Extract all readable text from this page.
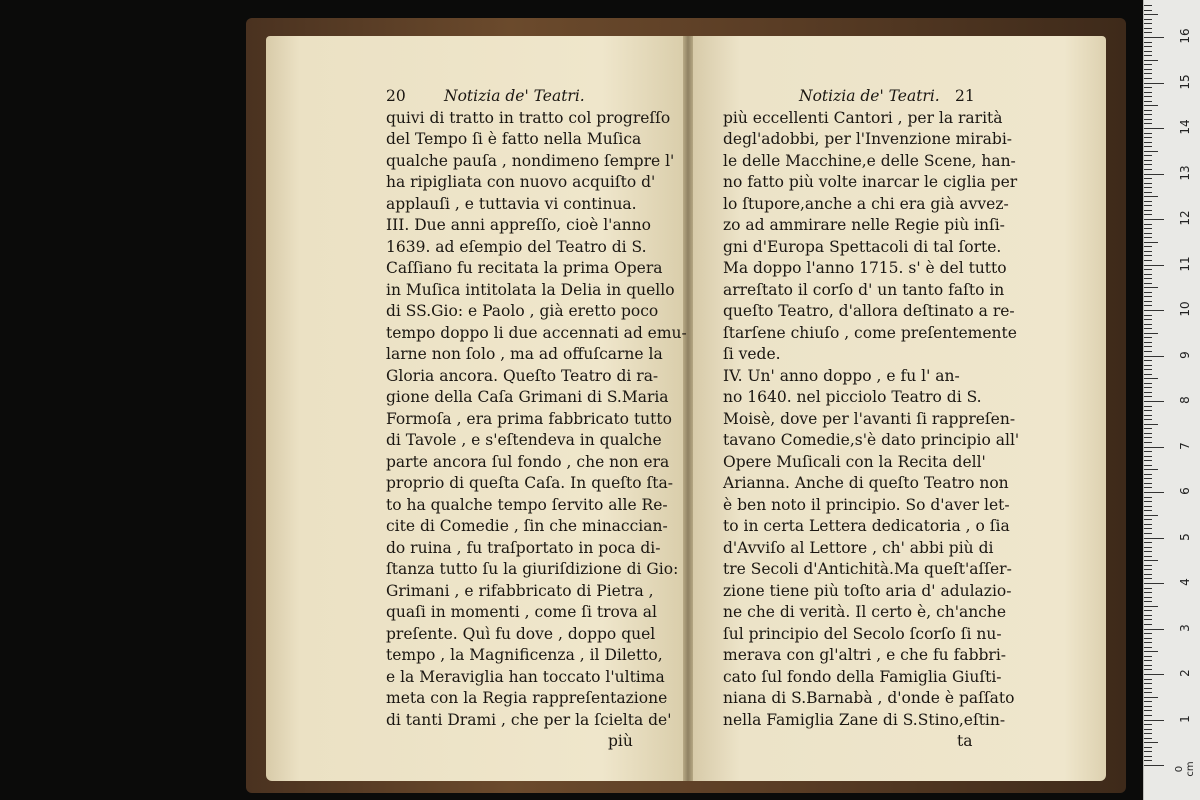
20 Notizia de' Teatri.
quivi di tratto in tratto col progreſſo
del Tempo ſi è fatto nella Muſica
qualche pauſa , nondimeno ſempre l'
ha ripigliata con nuovo acquiſto d'
applauſi , e tuttavia vi continua.
III. Due anni appreſſo, cioè l'anno
1639. ad eſempio del Teatro di S.
Caſſiano fu recitata la prima Opera
in Muſica intitolata la Delia in quello
di SS.Gio: e Paolo , già eretto poco
tempo doppo li due accennati ad emu-
larne non ſolo , ma ad offuſcarne la
Gloria ancora. Queſto Teatro di ra-
gione della Caſa Grimani di S.Maria
Formoſa , era prima fabbricato tutto
di Tavole , e s'eſtendeva in qualche
parte ancora ſul fondo , che non era
proprio di queſta Caſa. In queſto ſta-
to ha qualche tempo ſervito alle Re-
cite di Comedie , ſin che minaccian-
do ruina , fu traſportato in poca di-
ſtanza tutto ſu la giuriſdizione di Gio:
Grimani , e rifabbricato di Pietra ,
quaſi in momenti , come ſi trova al
preſente. Quì fu dove , doppo quel
tempo , la Magnificenza , il Diletto,
e la Meraviglia han toccato l'ultima
meta con la Regia rappreſentazione
di tanti Drami , che per la ſcielta de'
più
Notizia de' Teatri. 21
più eccellenti Cantori , per la rarità
degl'adobbi, per l'Invenzione mirabi-
le delle Macchine,e delle Scene, han-
no fatto più volte inarcar le ciglia per
lo ſtupore,anche a chi era già avvez-
zo ad ammirare nelle Regie più inſi-
gni d'Europa Spettacoli di tal ſorte.
Ma doppo l'anno 1715. s' è del tutto
arreſtato il corſo d' un tanto faſto in
queſto Teatro, d'allora deſtinato a re-
ſtarſene chiuſo , come preſentemente
ſi vede.
IV. Un' anno doppo , e fu l' an-
no 1640. nel picciolo Teatro di S.
Moisè, dove per l'avanti ſi rappreſen-
tavano Comedie,s'è dato principio all'
Opere Muſicali con la Recita dell'
Arianna. Anche di queſto Teatro non
è ben noto il principio. So d'aver let-
to in certa Lettera dedicatoria , o ſia
d'Avviſo al Lettore , ch' abbi più di
tre Secoli d'Antichità.Ma queſt'aſſer-
zione tiene più toſto aria d' adulazio-
ne che di verità. Il certo è, ch'anche
ſul principio del Secolo ſcorſo ſi nu-
merava con gl'altri , e che fu fabbri-
cato ſul fondo della Famiglia Giuſti-
niana di S.Barnabà , d'onde è paſſato
nella Famiglia Zane di S.Stino,eſtin-
ta
0 cm
1
2
3
4
5
6
7
8
9
10
11
12
13
14
15
16
